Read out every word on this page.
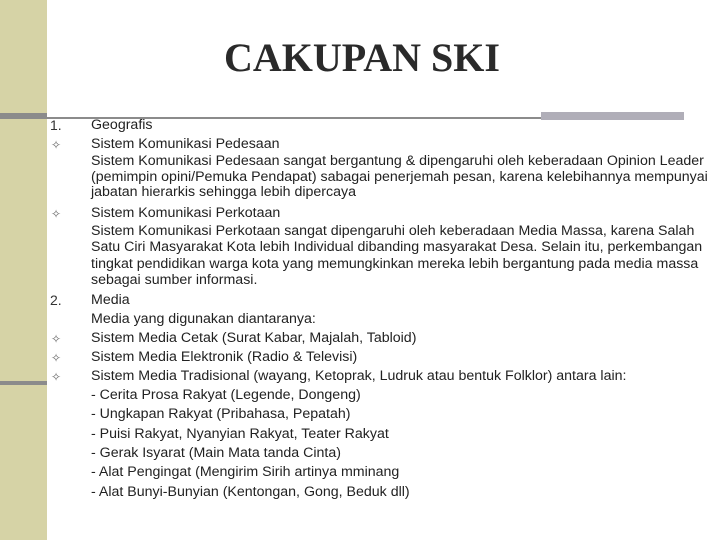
CAKUPAN SKI
1.	Geografis
✧	Sistem Komunikasi Pedesaan
Sistem Komunikasi Pedesaan sangat bergantung & dipengaruhi oleh keberadaan Opinion Leader (pemimpin opini/Pemuka Pendapat) sabagai penerjemah pesan, karena kelebihannya mempunyai jabatan hierarkis sehingga lebih dipercaya
✧	Sistem Komunikasi Perkotaan
Sistem Komunikasi Perkotaan sangat dipengaruhi oleh keberadaan Media Massa, karena Salah Satu Ciri Masyarakat Kota lebih Individual dibanding masyarakat Desa. Selain itu, perkembangan tingkat pendidikan warga kota yang memungkinkan mereka lebih bergantung pada media massa sebagai sumber informasi.
2.	Media
Media yang digunakan diantaranya:
✧	Sistem Media Cetak (Surat Kabar, Majalah, Tabloid)
✧	Sistem Media Elektronik (Radio & Televisi)
✧	Sistem Media Tradisional (wayang, Ketoprak, Ludruk atau bentuk Folklor) antara lain:
- Cerita Prosa Rakyat (Legende, Dongeng)
- Ungkapan Rakyat (Pribahasa, Pepatah)
- Puisi Rakyat, Nyanyian Rakyat, Teater Rakyat
- Gerak Isyarat (Main Mata tanda Cinta)
- Alat Pengingat (Mengirim Sirih artinya mminang
- Alat Bunyi-Bunyian (Kentongan, Gong, Beduk dll)
